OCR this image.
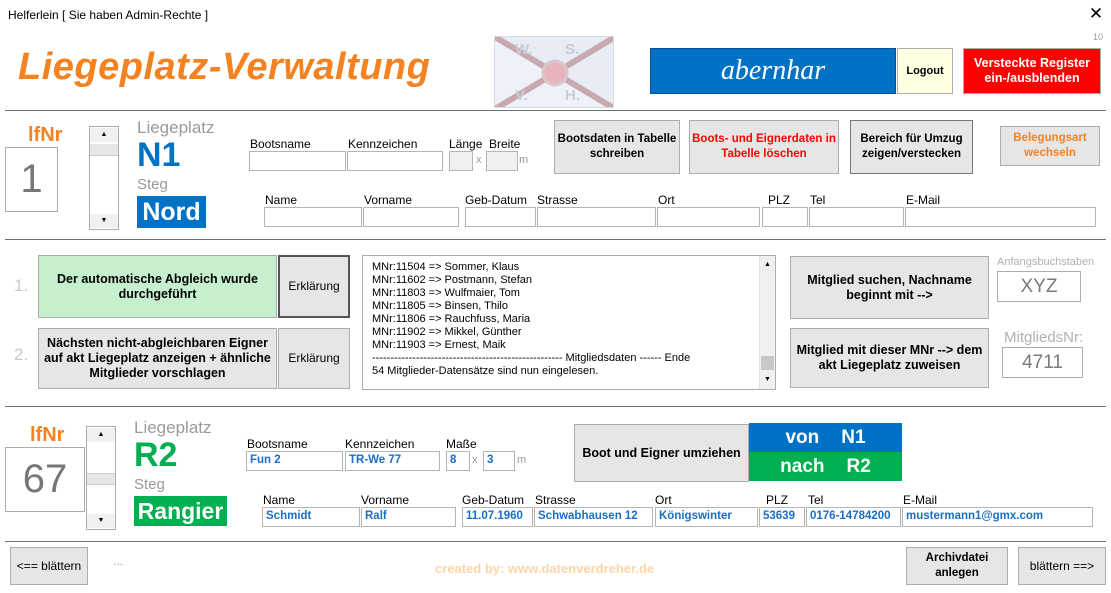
Helferlein [ Sie haben Admin-Rechte ]	✕
Liegeplatz-Verwaltung	W. S.
V. H.
abernhar	Logout
Versteckte Register ein-/ausblenden
10
lfNr
1
▲
▼
Liegeplatz
N1
Steg
Nord
Bootsname	Kennzeichen	Länge
x
Breite
m
Bootsdaten in Tabelle schreiben
Boots- und Eignerdaten in Tabelle löschen
Bereich für Umzug zeigen/verstecken
Belegungsart wechseln
Name	Vorname	Geb-Datum Strasse	Ort	PLZ Tel	E-Mail
1.
2.
Der automatische Abgleich wurde durchgeführt
Erklärung
Nächsten nicht-abgleichbaren Eigner auf akt Liegeplatz anzeigen + ähnliche Mitglieder vorschlagen
Erklärung
MNr:11504 => Sommer, Klaus
MNr:11602 => Postmann, Stefan
MNr:11803 => Wulfmaier, Tom
MNr:11805 => Binsen, Thilo
MNr:11806 => Rauchfuss, Maria
MNr:11902 => Mikkel, Günther
MNr:11903 => Ernest, Maik
---------------------------------------------------- Mitgliedsdaten ------ Ende
54 Mitglieder-Datensätze sind nun eingelesen.
▲
▼
Mitglied suchen, Nachname beginnt mit -->
Anfangsbuchstaben
XYZ
Mitglied mit dieser MNr --> dem akt Liegeplatz zuweisen
MitgliedsNr:
4711
lfNr
67
▲
▼
Liegeplatz
R2
Steg
Rangier
Bootsname
Fun 2
Kennzeichen
TR-We 77
Maße
8	x 3	m
Boot und Eigner umziehen
von N1
nach R2
Name
Schmidt
Vorname
Ralf
Geb-Datum
11.07.1960
Strasse
Schwabhausen 12
Ort
Königswinter
PLZ
53639
Tel
0176-14784200
E-Mail
mustermann1@gmx.com
<== blättern	...	created by: www.datenverdreher.de
Archivdatei anlegen
blättern ==>
